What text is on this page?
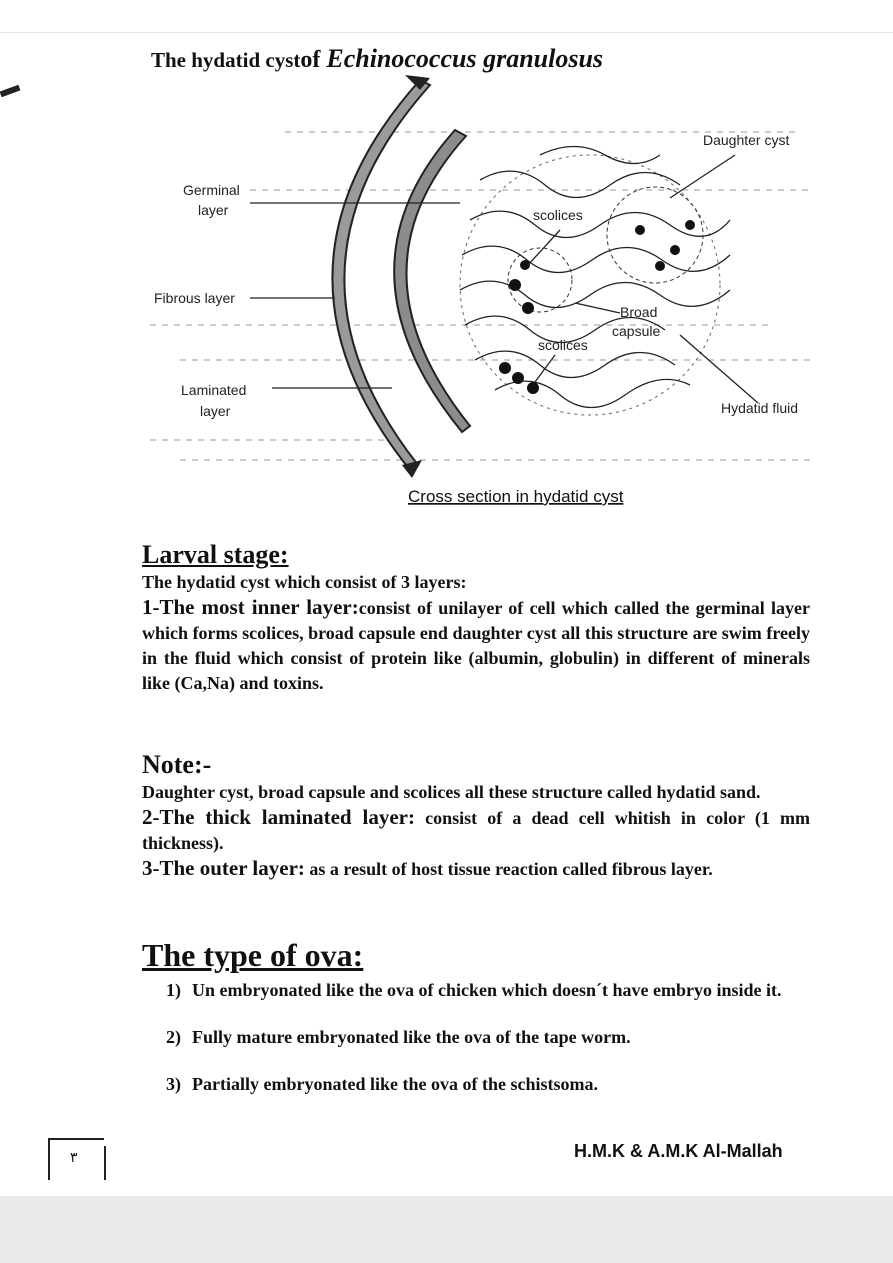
The hydatid cystof Echinococcus granulosus
Germinal
layer
Fibrous layer
Laminated
layer
Daughter cyst
scolices
Broad
capsule
scolices
Hydatid fluid
Cross section in hydatid cyst
Larval stage:

The hydatid cyst which consist of 3 layers:

1-The most inner layer:consist of unilayer of cell which called the germinal layer which forms scolices, broad capsule end daughter cyst all this structure are swim freely in the fluid which consist of protein like (albumin, globulin) in different of minerals like (Ca,Na) and toxins.

Note:-

Daughter cyst, broad capsule and scolices all these structure called hydatid sand.

2-The thick laminated layer: consist of a dead cell whitish in color (1 mm thickness).

3-The outer layer: as a result of host tissue reaction called fibrous layer.

The type of ova:
1) Un embryonated like the ova of chicken which doesn´t have embryo inside it.
2) Fully mature embryonated like the ova of the tape worm.
3) Partially embryonated like the ova of the schistsoma.
H.M.K & A.M.K Al-Mallah
٣
